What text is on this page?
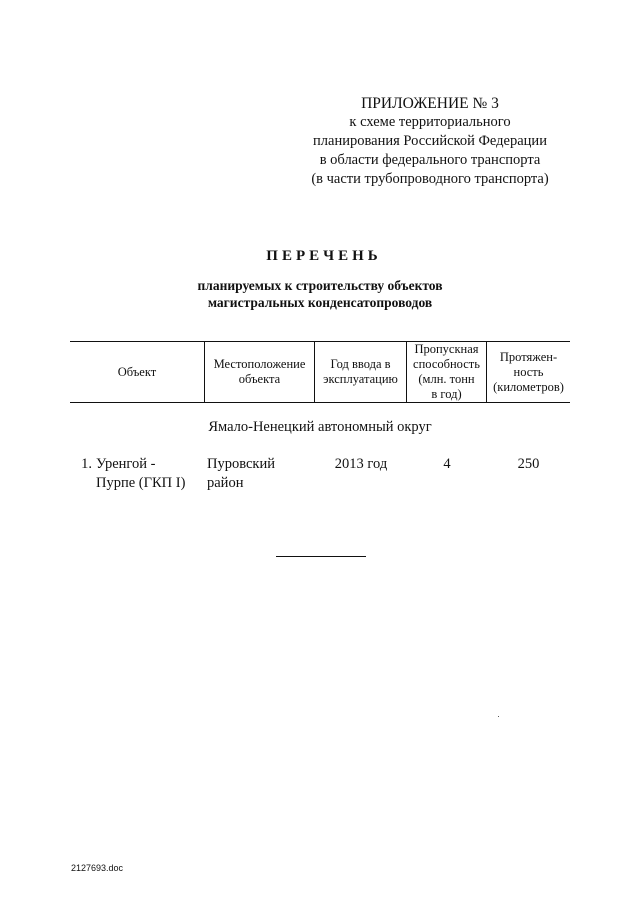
ПРИЛОЖЕНИЕ № 3
к схеме территориального
планирования Российской Федерации
в области федерального транспорта
(в части трубопроводного транспорта)
ПЕРЕЧЕНЬ
планируемых к строительству объектов
магистральных конденсатопроводов
Объект
Местоположение
объекта
Год ввода в
эксплуатацию
Пропускная
способность
(млн. тонн
в год)
Протяжен-
ность
(километров)
Ямало-Ненецкий автономный округ
1. Уренгой -
Пурпе (ГКП I)
Пуровский
район
2013 год	4	250
2127693.doc
